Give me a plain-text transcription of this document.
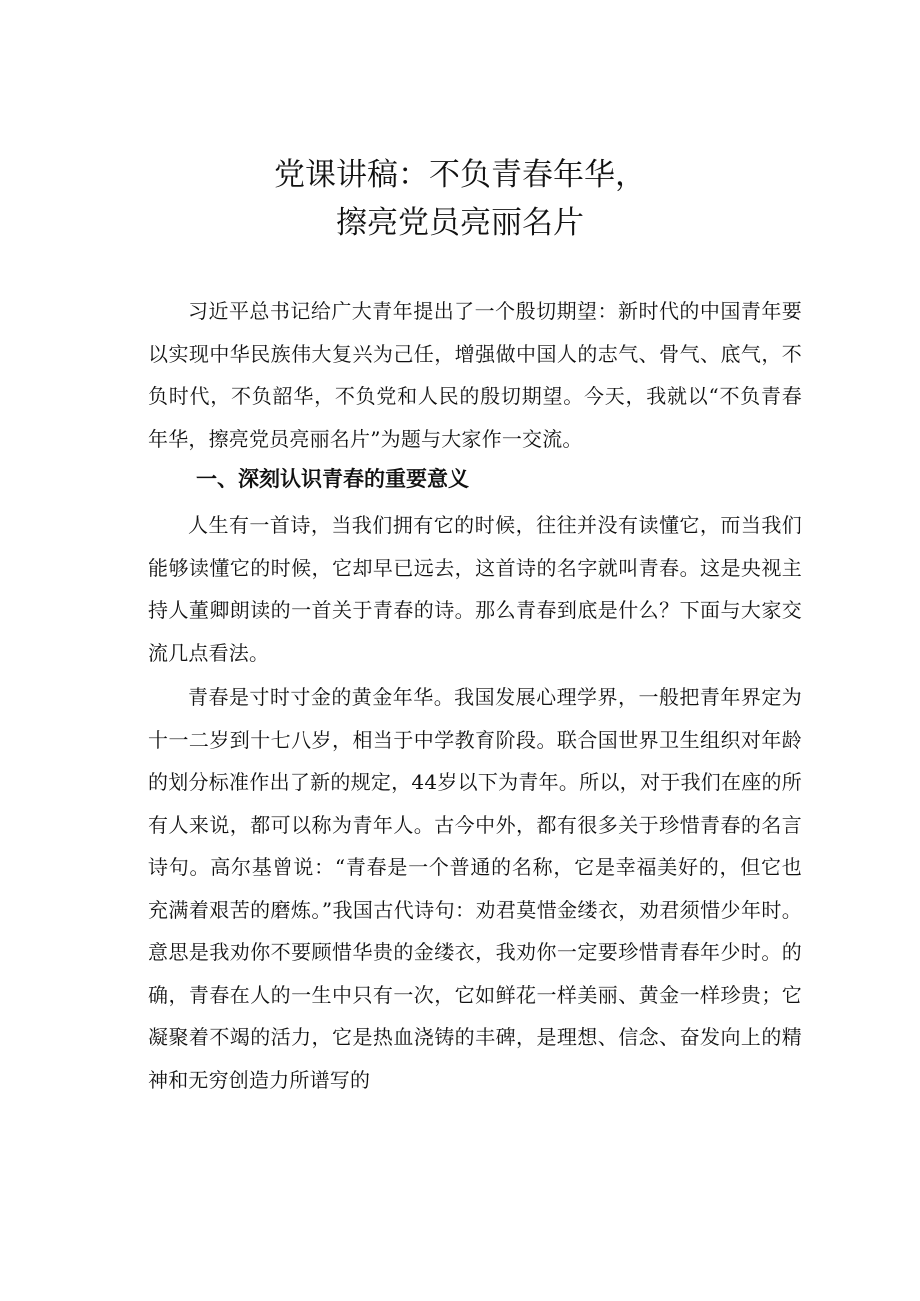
党课讲稿：不负青春年华，
擦亮党员亮丽名片

习近平总书记给广大青年提出了一个殷切期望：新时代的中国青年要以实现中华民族伟大复兴为己任，增强做中国人的志气、骨气、底气，不负时代，不负韶华，不负党和人民的殷切期望。今天，我就以“不负青春年华，擦亮党员亮丽名片”为题与大家作一交流。

一、深刻认识青春的重要意义

人生有一首诗，当我们拥有它的时候，往往并没有读懂它，而当我们能够读懂它的时候，它却早已远去，这首诗的名字就叫青春。这是央视主持人董卿朗读的一首关于青春的诗。那么青春到底是什么？下面与大家交流几点看法。

青春是寸时寸金的黄金年华。我国发展心理学界，一般把青年界定为十一二岁到十七八岁，相当于中学教育阶段。联合国世界卫生组织对年龄的划分标准作出了新的规定，44岁以下为青年。所以，对于我们在座的所有人来说，都可以称为青年人。古今中外，都有很多关于珍惜青春的名言诗句。高尔基曾说：“青春是一个普通的名称，它是幸福美好的，但它也充满着艰苦的磨炼。”我国古代诗句：劝君莫惜金缕衣，劝君须惜少年时。意思是我劝你不要顾惜华贵的金缕衣，我劝你一定要珍惜青春年少时。的确，青春在人的一生中只有一次，它如鲜花一样美丽、黄金一样珍贵；它凝聚着不竭的活力，它是热血浇铸的丰碑，是理想、信念、奋发向上的精神和无穷创造力所谱写的
